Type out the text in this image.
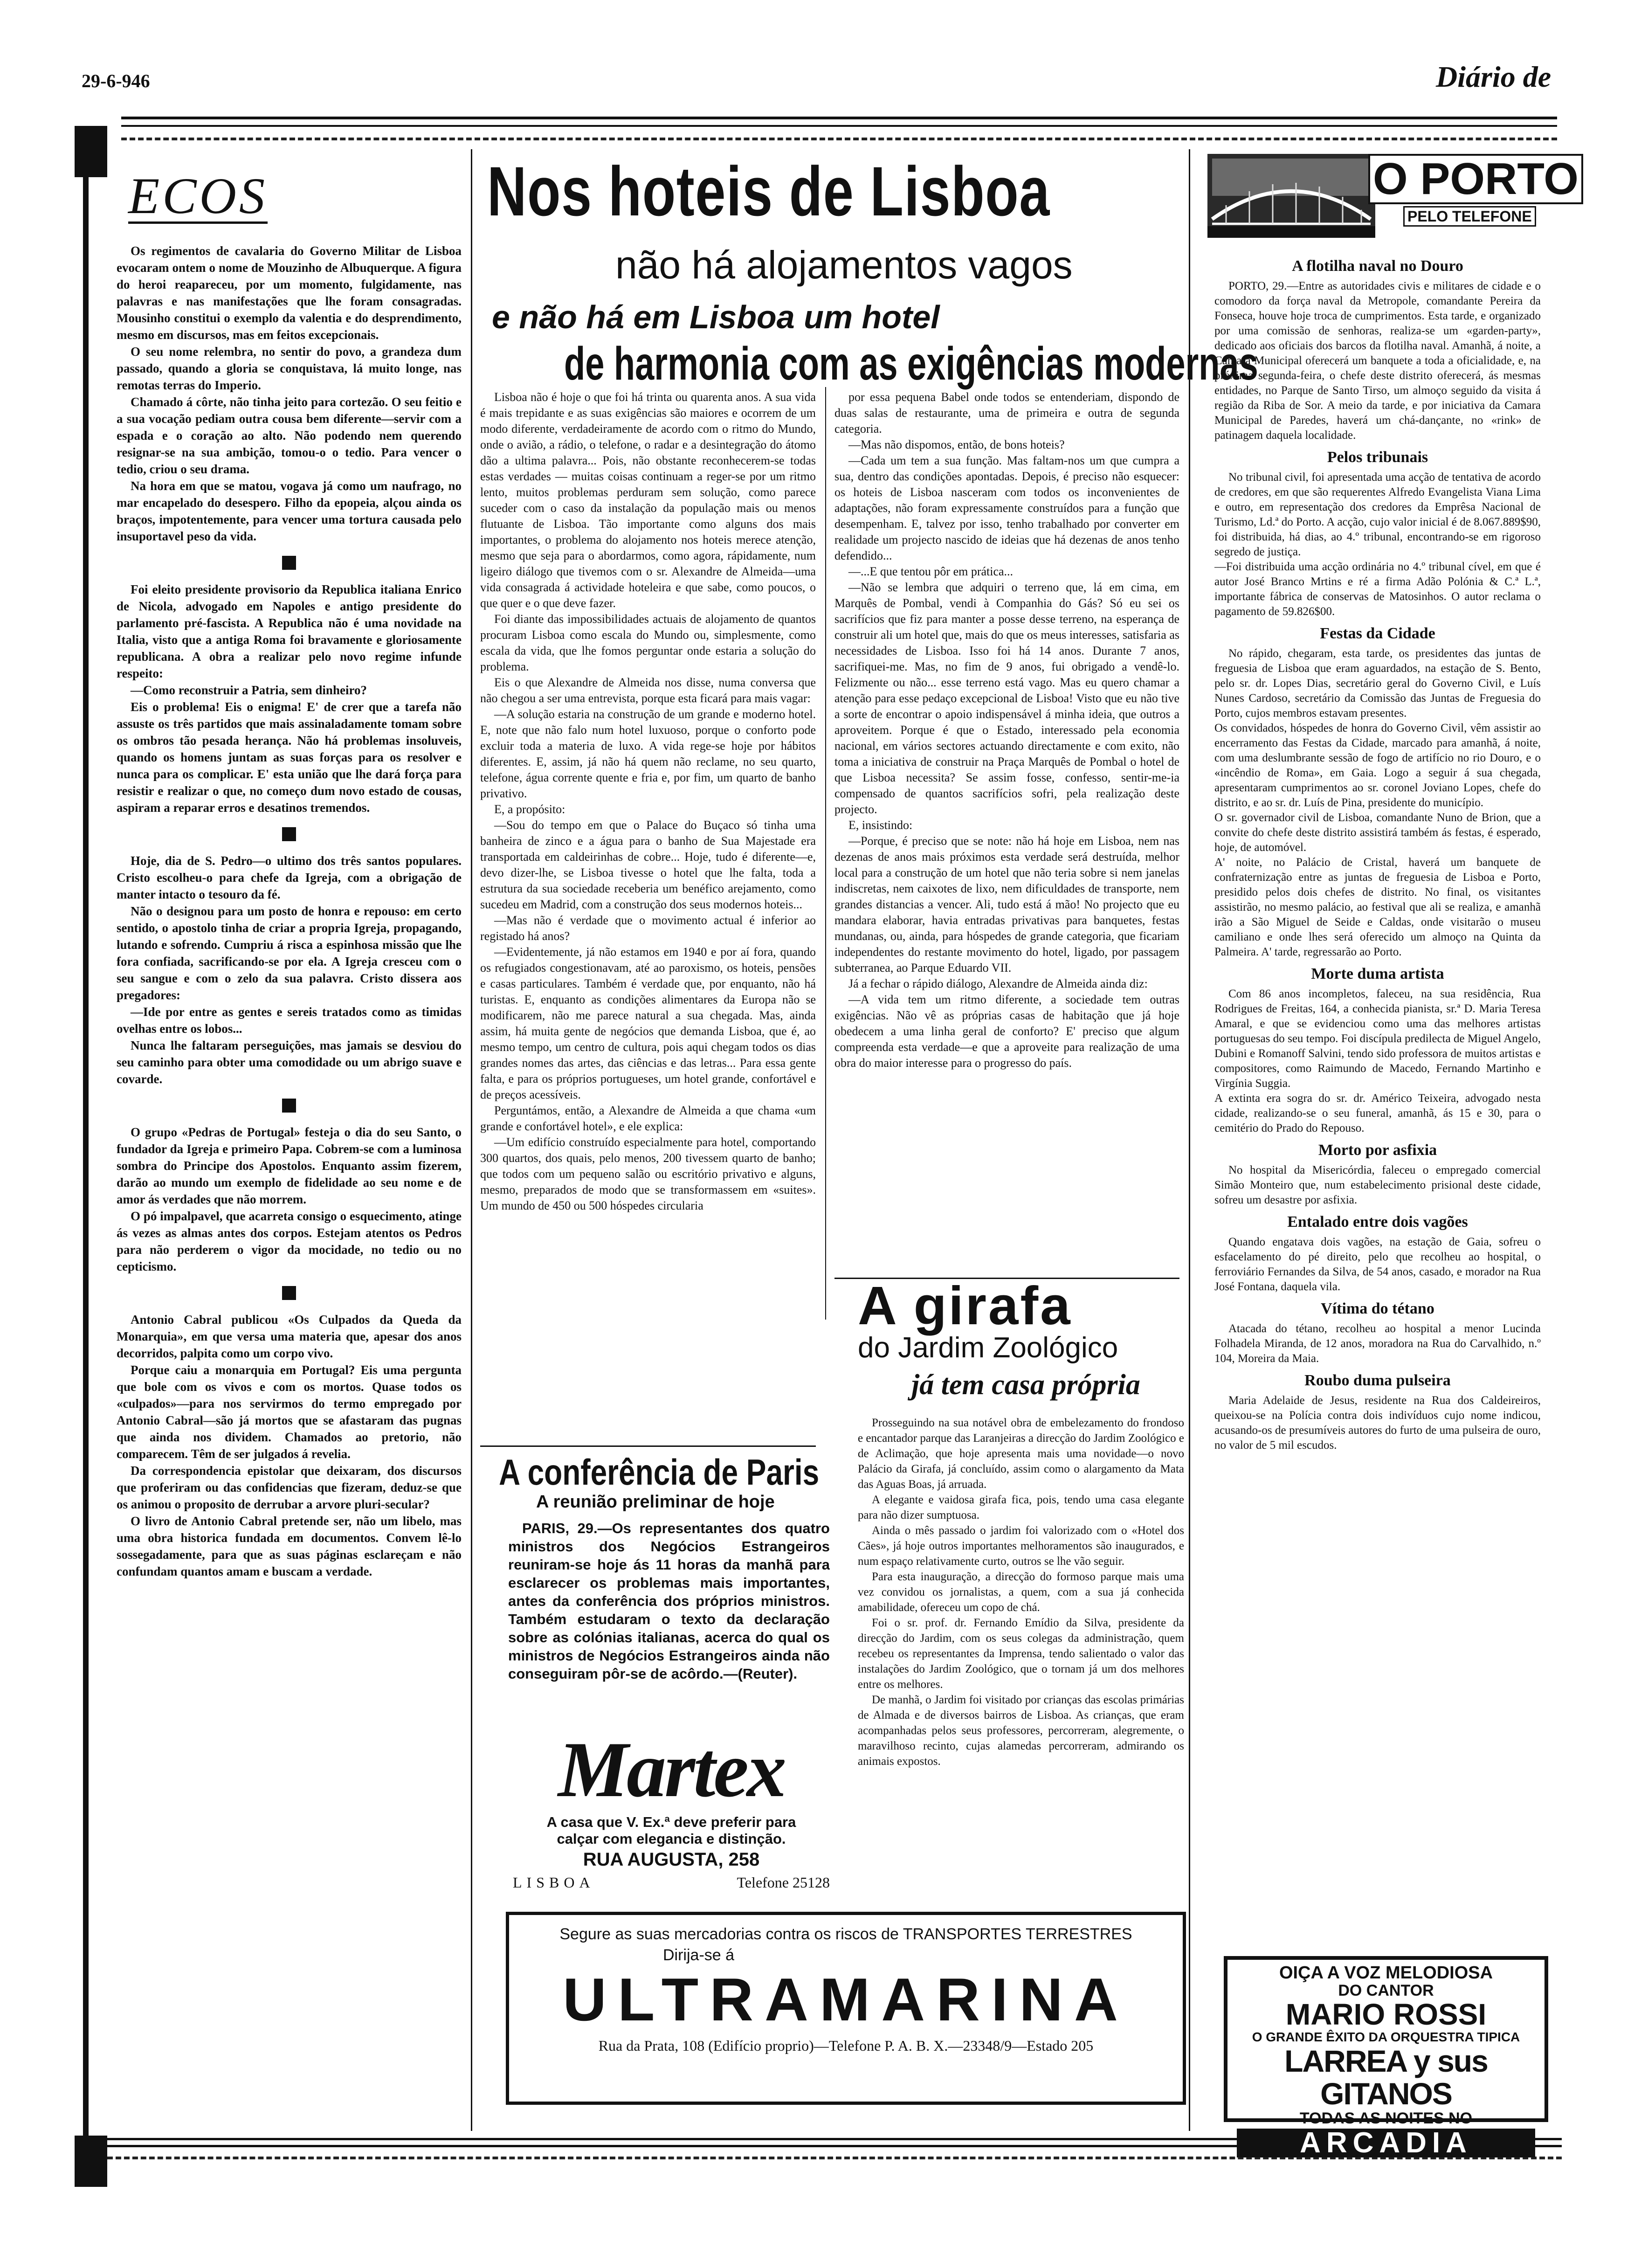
29-6-946	Diário de
ECOS

Os regimentos de cavalaria do Governo Militar de Lisboa evocaram ontem o nome de Mouzinho de Albuquerque. A figura do heroi reapareceu, por um momento, fulgidamente, nas palavras e nas manifestações que lhe foram consagradas. Mousinho constitui o exemplo da valentia e do desprendimento, mesmo em discursos, mas em feitos excepcionais.

O seu nome relembra, no sentir do povo, a grandeza dum passado, quando a gloria se conquistava, lá muito longe, nas remotas terras do Imperio.

Chamado á côrte, não tinha jeito para cortezão. O seu feitio e a sua vocação pediam outra cousa bem diferente—servir com a espada e o coração ao alto. Não podendo nem querendo resignar-se na sua ambição, tomou-o o tedio. Para vencer o tedio, criou o seu drama.

Na hora em que se matou, vogava já como um naufrago, no mar encapelado do desespero. Filho da epopeia, alçou ainda os braços, impotentemente, para vencer uma tortura causada pelo insuportavel peso da vida.

Foi eleito presidente provisorio da Republica italiana Enrico de Nicola, advogado em Napoles e antigo presidente do parlamento pré-fascista. A Republica não é uma novidade na Italia, visto que a antiga Roma foi bravamente e gloriosamente republicana. A obra a realizar pelo novo regime infunde respeito:

—Como reconstruir a Patria, sem dinheiro?

Eis o problema! Eis o enigma! E' de crer que a tarefa não assuste os três partidos que mais assinaladamente tomam sobre os ombros tão pesada herança. Não há problemas insoluveis, quando os homens juntam as suas forças para os resolver e nunca para os complicar. E' esta união que lhe dará força para resistir e realizar o que, no começo dum novo estado de cousas, aspiram a reparar erros e desatinos tremendos.

Hoje, dia de S. Pedro—o ultimo dos três santos populares. Cristo escolheu-o para chefe da Igreja, com a obrigação de manter intacto o tesouro da fé.

Não o designou para um posto de honra e repouso: em certo sentido, o apostolo tinha de criar a propria Igreja, propagando, lutando e sofrendo. Cumpriu á risca a espinhosa missão que lhe fora confiada, sacrificando-se por ela. A Igreja cresceu com o seu sangue e com o zelo da sua palavra. Cristo dissera aos pregadores:

—Ide por entre as gentes e sereis tratados como as timidas ovelhas entre os lobos...

Nunca lhe faltaram perseguições, mas jamais se desviou do seu caminho para obter uma comodidade ou um abrigo suave e covarde.

O grupo «Pedras de Portugal» festeja o dia do seu Santo, o fundador da Igreja e primeiro Papa. Cobrem-se com a luminosa sombra do Principe dos Apostolos. Enquanto assim fizerem, darão ao mundo um exemplo de fidelidade ao seu nome e de amor ás verdades que não morrem.

O pó impalpavel, que acarreta consigo o esquecimento, atinge ás vezes as almas antes dos corpos. Estejam atentos os Pedros para não perderem o vigor da mocidade, no tedio ou no cepticismo.

Antonio Cabral publicou «Os Culpados da Queda da Monarquia», em que versa uma materia que, apesar dos anos decorridos, palpita como um corpo vivo.

Porque caiu a monarquia em Portugal? Eis uma pergunta que bole com os vivos e com os mortos. Quase todos os «culpados»—para nos servirmos do termo empregado por Antonio Cabral—são já mortos que se afastaram das pugnas que ainda nos dividem. Chamados ao pretorio, não comparecem. Têm de ser julgados á revelia.

Da correspondencia epistolar que deixaram, dos discursos que proferiram ou das confidencias que fizeram, deduz-se que os animou o proposito de derrubar a arvore pluri-secular?

O livro de Antonio Cabral pretende ser, não um libelo, mas uma obra historica fundada em documentos. Convem lê-lo sossegadamente, para que as suas páginas esclareçam e não confundam quantos amam e buscam a verdade.

Nos hoteis de Lisboa
não há alojamentos vagos
e não há em Lisboa um hotel
de harmonia com as exigências modernas

Lisboa não é hoje o que foi há trinta ou quarenta anos. A sua vida é mais trepidante e as suas exigências são maiores e ocorrem de um modo diferente, verdadeiramente de acordo com o ritmo do Mundo, onde o avião, a rádio, o telefone, o radar e a desintegração do átomo dão a ultima palavra... Pois, não obstante reconhecerem-se todas estas verdades — muitas coisas continuam a reger-se por um ritmo lento, muitos problemas perduram sem solução, como parece suceder com o caso da instalação da população mais ou menos flutuante de Lisboa. Tão importante como alguns dos mais importantes, o problema do alojamento nos hoteis merece atenção, mesmo que seja para o abordarmos, como agora, rápidamente, num ligeiro diálogo que tivemos com o sr. Alexandre de Almeida—uma vida consagrada á actividade hoteleira e que sabe, como poucos, o que quer e o que deve fazer.

Foi diante das impossibilidades actuais de alojamento de quantos procuram Lisboa como escala do Mundo ou, simplesmente, como escala da vida, que lhe fomos perguntar onde estaria a solução do problema.

Eis o que Alexandre de Almeida nos disse, numa conversa que não chegou a ser uma entrevista, porque esta ficará para mais vagar:

—A solução estaria na construção de um grande e moderno hotel. E, note que não falo num hotel luxuoso, porque o conforto pode excluir toda a materia de luxo. A vida rege-se hoje por hábitos diferentes. E, assim, já não há quem não reclame, no seu quarto, telefone, água corrente quente e fria e, por fim, um quarto de banho privativo.

E, a propósito:

—Sou do tempo em que o Palace do Buçaco só tinha uma banheira de zinco e a água para o banho de Sua Majestade era transportada em caldeirinhas de cobre... Hoje, tudo é diferente—e, devo dizer-lhe, se Lisboa tivesse o hotel que lhe falta, toda a estrutura da sua sociedade receberia um benéfico arejamento, como sucedeu em Madrid, com a construção dos seus modernos hoteis...

—Mas não é verdade que o movimento actual é inferior ao registado há anos?

—Evidentemente, já não estamos em 1940 e por aí fora, quando os refugiados congestionavam, até ao paroxismo, os hoteis, pensões e casas particulares. Também é verdade que, por enquanto, não há turistas. E, enquanto as condições alimentares da Europa não se modificarem, não me parece natural a sua chegada. Mas, ainda assim, há muita gente de negócios que demanda Lisboa, que é, ao mesmo tempo, um centro de cultura, pois aqui chegam todos os dias grandes nomes das artes, das ciências e das letras... Para essa gente falta, e para os próprios portugueses, um hotel grande, confortável e de preços acessíveis.

Perguntámos, então, a Alexandre de Almeida a que chama «um grande e confortável hotel», e ele explica:

—Um edifício construído especialmente para hotel, comportando 300 quartos, dos quais, pelo menos, 200 tivessem quarto de banho; que todos com um pequeno salão ou escritório privativo e alguns, mesmo, preparados de modo que se transformassem em «suites». Um mundo de 450 ou 500 hóspedes circularia

por essa pequena Babel onde todos se entenderiam, dispondo de duas salas de restaurante, uma de primeira e outra de segunda categoria.

—Mas não dispomos, então, de bons hoteis?

—Cada um tem a sua função. Mas faltam-nos um que cumpra a sua, dentro das condições apontadas. Depois, é preciso não esquecer: os hoteis de Lisboa nasceram com todos os inconvenientes de adaptações, não foram expressamente construídos para a função que desempenham. E, talvez por isso, tenho trabalhado por converter em realidade um projecto nascido de ideias que há dezenas de anos tenho defendido...

—...E que tentou pôr em prática...

—Não se lembra que adquiri o terreno que, lá em cima, em Marquês de Pombal, vendi à Companhia do Gás? Só eu sei os sacrifícios que fiz para manter a posse desse terreno, na esperança de construir ali um hotel que, mais do que os meus interesses, satisfaria as necessidades de Lisboa. Isso foi há 14 anos. Durante 7 anos, sacrifiquei-me. Mas, no fim de 9 anos, fui obrigado a vendê-lo. Felizmente ou não... esse terreno está vago. Mas eu quero chamar a atenção para esse pedaço excepcional de Lisboa! Visto que eu não tive a sorte de encontrar o apoio indispensável á minha ideia, que outros a aproveitem. Porque é que o Estado, interessado pela economia nacional, em vários sectores actuando directamente e com exito, não toma a iniciativa de construir na Praça Marquês de Pombal o hotel de que Lisboa necessita? Se assim fosse, confesso, sentir-me-ia compensado de quantos sacrifícios sofri, pela realização deste projecto.

E, insistindo:

—Porque, é preciso que se note: não há hoje em Lisboa, nem nas dezenas de anos mais próximos esta verdade será destruída, melhor local para a construção de um hotel que não teria sobre si nem janelas indiscretas, nem caixotes de lixo, nem dificuldades de transporte, nem grandes distancias a vencer. Ali, tudo está á mão! No projecto que eu mandara elaborar, havia entradas privativas para banquetes, festas mundanas, ou, ainda, para hóspedes de grande categoria, que ficariam independentes do restante movimento do hotel, ligado, por passagem subterranea, ao Parque Eduardo VII.

Já a fechar o rápido diálogo, Alexandre de Almeida ainda diz:

—A vida tem um ritmo diferente, a sociedade tem outras exigências. Não vê as próprias casas de habitação que já hoje obedecem a uma linha geral de conforto? E' preciso que algum compreenda esta verdade—e que a aproveite para realização de uma obra do maior interesse para o progresso do país.

A conferência de Paris
A reunião preliminar de hoje

PARIS, 29.—Os representantes dos quatro ministros dos Negócios Estrangeiros reuniram-se hoje ás 11 horas da manhã para esclarecer os problemas mais importantes, antes da conferência dos próprios ministros. Também estudaram o texto da declaração sobre as colónias italianas, acerca do qual os ministros de Negócios Estrangeiros ainda não conseguiram pôr-se de acôrdo.—(Reuter).

Martex
A casa que V. Ex.ª deve preferir para
calçar com elegancia e distinção.
RUA AUGUSTA, 258
LISBOA	Telefone 25128
A girafa
do Jardim Zoológico
já tem casa própria

Prosseguindo na sua notável obra de embelezamento do frondoso e encantador parque das Laranjeiras a direcção do Jardim Zoológico e de Aclimação, que hoje apresenta mais uma novidade—o novo Palácio da Girafa, já concluído, assim como o alargamento da Mata das Aguas Boas, já arruada.

A elegante e vaidosa girafa fica, pois, tendo uma casa elegante para não dizer sumptuosa.

Ainda o mês passado o jardim foi valorizado com o «Hotel dos Cães», já hoje outros importantes melhoramentos são inaugurados, e num espaço relativamente curto, outros se lhe vão seguir.

Para esta inauguração, a direcção do formoso parque mais uma vez convidou os jornalistas, a quem, com a sua já conhecida amabilidade, ofereceu um copo de chá.

Foi o sr. prof. dr. Fernando Emídio da Silva, presidente da direcção do Jardim, com os seus colegas da administração, quem recebeu os representantes da Imprensa, tendo salientado o valor das instalações do Jardim Zoológico, que o tornam já um dos melhores entre os melhores.

De manhã, o Jardim foi visitado por crianças das escolas primárias de Almada e de diversos bairros de Lisboa. As crianças, que eram acompanhadas pelos seus professores, percorreram, alegremente, o maravilhoso recinto, cujas alamedas percorreram, admirando os animais expostos.

Segure as suas mercadorias contra os riscos de TRANSPORTES TERRESTRES
Dirija-se á
ULTRAMARINA
Rua da Prata, 108 (Edifício proprio)—Telefone P. A. B. X.—23348/9—Estado 205
O PORTO
PELO TELEFONE
A flotilha naval no Douro

PORTO, 29.—Entre as autoridades civis e militares de cidade e o comodoro da força naval da Metropole, comandante Pereira da Fonseca, houve hoje troca de cumprimentos. Esta tarde, e organizado por uma comissão de senhoras, realiza-se um «garden-party», dedicado aos oficiais dos barcos da flotilha naval. Amanhã, á noite, a Camara Municipal oferecerá um banquete a toda a oficialidade, e, na próxima segunda-feira, o chefe deste distrito oferecerá, ás mesmas entidades, no Parque de Santo Tirso, um almoço seguido da visita á região da Riba de Sor. A meio da tarde, e por iniciativa da Camara Municipal de Paredes, haverá um chá-dançante, no «rink» de patinagem daquela localidade.

Pelos tribunais

No tribunal civil, foi apresentada uma acção de tentativa de acordo de credores, em que são requerentes Alfredo Evangelista Viana Lima e outro, em representação dos credores da Emprêsa Nacional de Turismo, Ld.ª do Porto. A acção, cujo valor inicial é de 8.067.889$90, foi distribuida, há dias, ao 4.º tribunal, encontrando-se em rigoroso segredo de justiça.
—Foi distribuida uma acção ordinária no 4.º tribunal cível, em que é autor José Branco Mrtins e ré a firma Adão Polónia & C.ª L.ª, importante fábrica de conservas de Matosinhos. O autor reclama o pagamento de 59.826$00.

Festas da Cidade

No rápido, chegaram, esta tarde, os presidentes das juntas de freguesia de Lisboa que eram aguardados, na estação de S. Bento, pelo sr. dr. Lopes Dias, secretário geral do Governo Civil, e Luís Nunes Cardoso, secretário da Comissão das Juntas de Freguesia do Porto, cujos membros estavam presentes.
Os convidados, hóspedes de honra do Governo Civil, vêm assistir ao encerramento das Festas da Cidade, marcado para amanhã, á noite, com uma deslumbrante sessão de fogo de artifício no rio Douro, e o «incêndio de Roma», em Gaia. Logo a seguir á sua chegada, apresentaram cumprimentos ao sr. coronel Joviano Lopes, chefe do distrito, e ao sr. dr. Luís de Pina, presidente do município.
O sr. governador civil de Lisboa, comandante Nuno de Brion, que a convite do chefe deste distrito assistirá também ás festas, é esperado, hoje, de automóvel.
A' noite, no Palácio de Cristal, haverá um banquete de confraternização entre as juntas de freguesia de Lisboa e Porto, presidido pelos dois chefes de distrito. No final, os visitantes assistirão, no mesmo palácio, ao festival que ali se realiza, e amanhã irão a São Miguel de Seide e Caldas, onde visitarão o museu camiliano e onde lhes será oferecido um almoço na Quinta da Palmeira. A' tarde, regressarão ao Porto.

Morte duma artista

Com 86 anos incompletos, faleceu, na sua residência, Rua Rodrigues de Freitas, 164, a conhecida pianista, sr.ª D. Maria Teresa Amaral, e que se evidenciou como uma das melhores artistas portuguesas do seu tempo. Foi discípula predilecta de Miguel Angelo, Dubini e Romanoff Salvini, tendo sido professora de muitos artistas e compositores, como Raimundo de Macedo, Fernando Martinho e Virgínia Suggia.
A extinta era sogra do sr. dr. Américo Teixeira, advogado nesta cidade, realizando-se o seu funeral, amanhã, ás 15 e 30, para o cemitério do Prado do Repouso.

Morto por asfixia

No hospital da Misericórdia, faleceu o empregado comercial Simão Monteiro que, num estabelecimento prisional deste cidade, sofreu um desastre por asfixia.

Entalado entre dois vagões

Quando engatava dois vagões, na estação de Gaia, sofreu o esfacelamento do pé direito, pelo que recolheu ao hospital, o ferroviário Fernandes da Silva, de 54 anos, casado, e morador na Rua José Fontana, daquela vila.

Vítima do tétano

Atacada do tétano, recolheu ao hospital a menor Lucinda Folhadela Miranda, de 12 anos, moradora na Rua do Carvalhido, n.º 104, Moreira da Maia.

Roubo duma pulseira

Maria Adelaide de Jesus, residente na Rua dos Caldeireiros, queixou-se na Polícia contra dois indivíduos cujo nome indicou, acusando-os de presumíveis autores do furto de uma pulseira de ouro, no valor de 5 mil escudos.

OIÇA A VOZ MELODIOSA
DO CANTOR
MARIO ROSSI
O GRANDE ÊXITO DA ORQUESTRA TIPICA
LARREA y sus GITANOS
TODAS AS NOITES NO
ARCADIA
